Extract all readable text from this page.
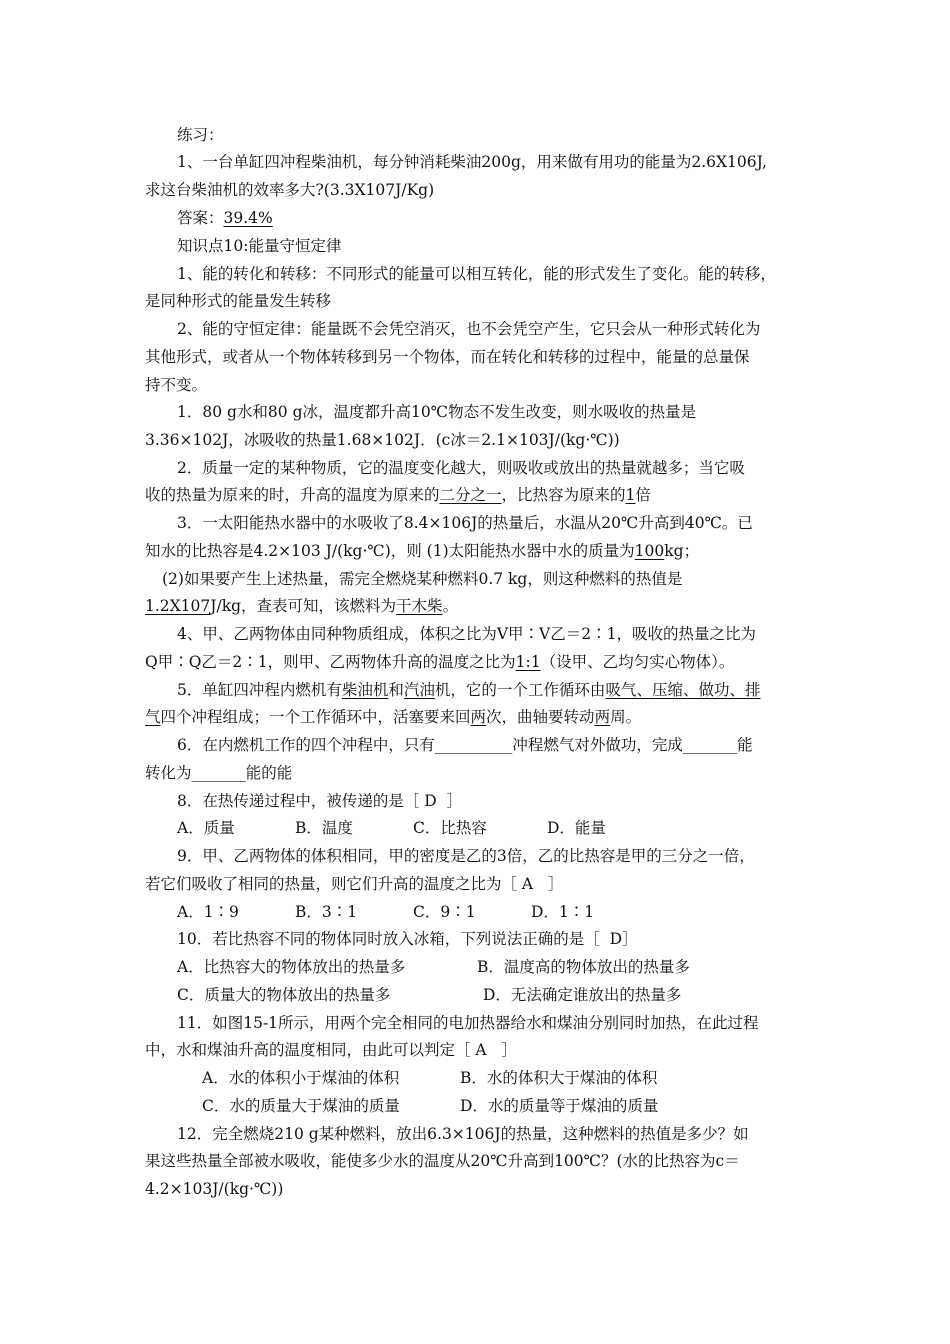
练习：
1、一台单缸四冲程柴油机，每分钟消耗柴油200g，用来做有用功的能量为2.6X106J,
求这台柴油机的效率多大?(3.3X107J/Kg)
答案：39.4%
知识点10:能量守恒定律
1、能的转化和转移：不同形式的能量可以相互转化，能的形式发生了变化。能的转移，
是同种形式的能量发生转移
2、能的守恒定律：能量既不会凭空消灭，也不会凭空产生，它只会从一种形式转化为
其他形式，或者从一个物体转移到另一个物体，而在转化和转移的过程中，能量的总量保
持不变。
1．80 g水和80 g冰，温度都升高10℃物态不发生改变，则水吸收的热量是
3.36×102J，冰吸收的热量1.68×102J．(c冰＝2.1×103J/(kg·℃))
2．质量一定的某种物质，它的温度变化越大，则吸收或放出的热量就越多；当它吸
收的热量为原来的时，升高的温度为原来的二分之一，比热容为原来的1倍
3．一太阳能热水器中的水吸收了8.4×106J的热量后，水温从20℃升高到40℃。已
知水的比热容是4.2×103 J/(kg·℃)，则 (1)太阳能热水器中水的质量为100kg；
(2)如果要产生上述热量，需完全燃烧某种燃料0.7 kg，则这种燃料的热值是
1.2X107J/kg，查表可知，该燃料为干木柴。
4、甲、乙两物体由同种物质组成，体积之比为V甲∶V乙＝2∶1，吸收的热量之比为
Q甲∶Q乙＝2∶1，则甲、乙两物体升高的温度之比为1:1（设甲、乙均匀实心物体）。
5．单缸四冲程内燃机有柴油机和汽油机，它的一个工作循环由吸气、压缩、做功、排
气四个冲程组成；一个工作循环中，活塞要来回两次，曲轴要转动两周。
6．在内燃机工作的四个冲程中，只有__________冲程燃气对外做功，完成_______能
转化为_______能的能
8．在热传递过程中，被传递的是［ D  ］
A．质量	B．温度	C．比热容	D．能量
9．甲、乙两物体的体积相同，甲的密度是乙的3倍，乙的比热容是甲的三分之一倍，
若它们吸收了相同的热量，则它们升高的温度之比为［ A   ］
A．1∶9	B．3∶1	C．9∶1	D．1∶1
10．若比热容不同的物体同时放入冰箱，下列说法正确的是［  D］
A．比热容大的物体放出的热量多	B．温度高的物体放出的热量多
C．质量大的物体放出的热量多	D．无法确定谁放出的热量多
11．如图15-1所示，用两个完全相同的电加热器给水和煤油分别同时加热，在此过程
中，水和煤油升高的温度相同，由此可以判定［ A   ］
A．水的体积小于煤油的体积	B．水的体积大于煤油的体积
C．水的质量大于煤油的质量	D．水的质量等于煤油的质量
12．完全燃烧210 g某种燃料，放出6.3×106J的热量，这种燃料的热值是多少？如
果这些热量全部被水吸收，能使多少水的温度从20℃升高到100℃？(水的比热容为c＝
4.2×103J/(kg·℃))
